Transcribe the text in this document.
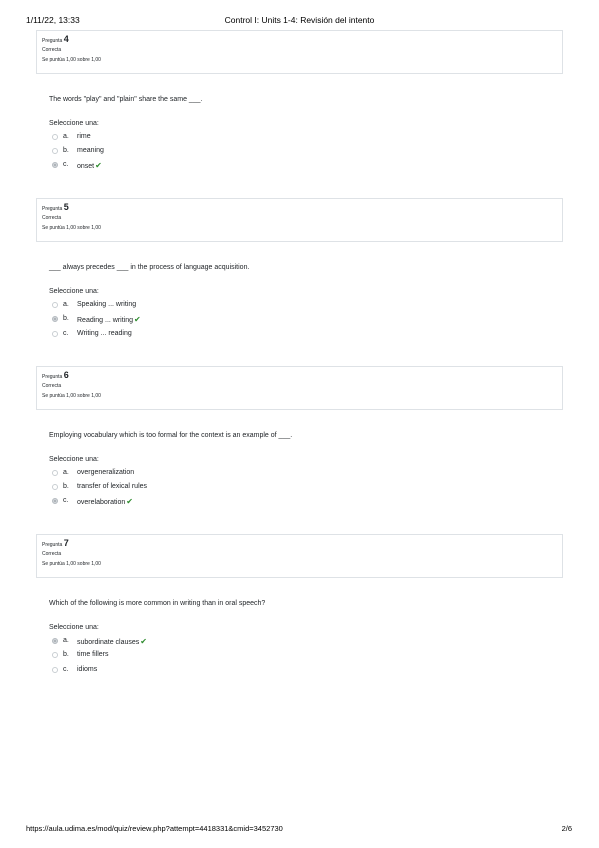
1/11/22, 13:33	Control I: Units 1-4: Revisión del intento
Pregunta 4
Correcta
Se puntúa 1,00 sobre 1,00
The words "play" and "plain" share the same ___.
Seleccione una:
a. rime
b. meaning
c. onset✔
Pregunta 5
Correcta
Se puntúa 1,00 sobre 1,00
___ always precedes ___ in the process of language acquisition.
Seleccione una:
a. Speaking ... writing
b. Reading ... writing✔
c. Writing ... reading
Pregunta 6
Correcta
Se puntúa 1,00 sobre 1,00
Employing vocabulary which is too formal for the context is an example of ___.
Seleccione una:
a. overgeneralization
b. transfer of lexical rules
c. overelaboration✔
Pregunta 7
Correcta
Se puntúa 1,00 sobre 1,00
Which of the following is more common in writing than in oral speech?
Seleccione una:
a. subordinate clauses✔
b. time fillers
c. idioms
https://aula.udima.es/mod/quiz/review.php?attempt=4418331&cmid=3452730	2/6
